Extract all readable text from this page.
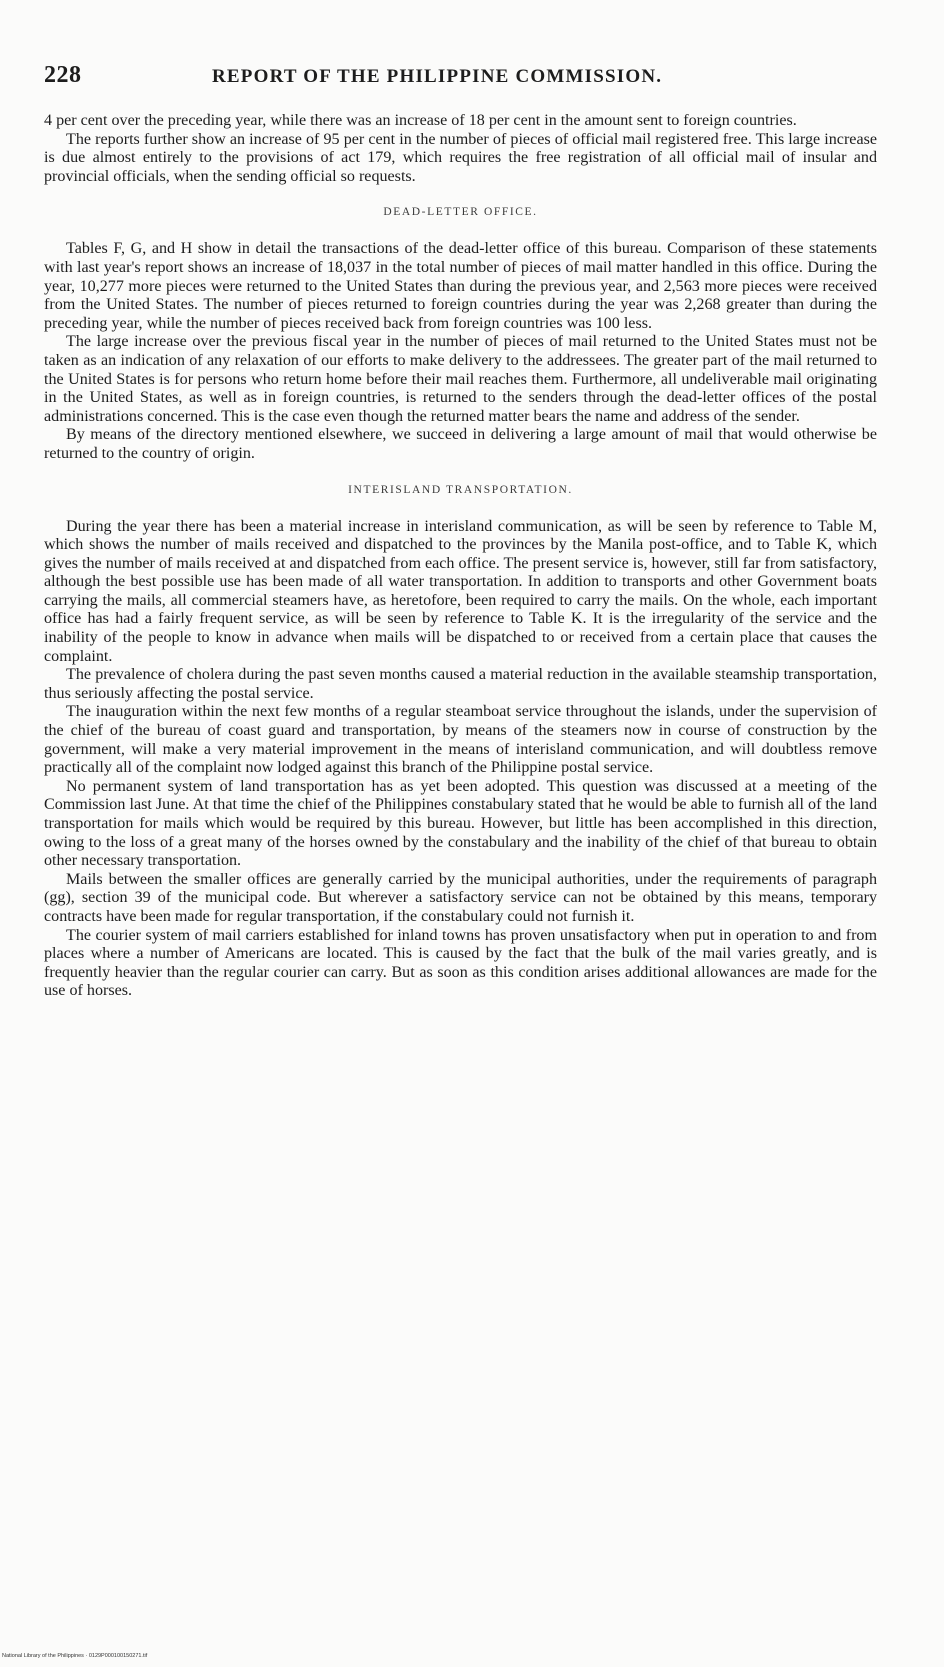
228	REPORT OF THE PHILIPPINE COMMISSION.

4 per cent over the preceding year, while there was an increase of 18 per cent in the amount sent to foreign countries.

The reports further show an increase of 95 per cent in the number of pieces of official mail registered free. This large increase is due almost entirely to the provisions of act 179, which requires the free registration of all official mail of insular and provincial officials, when the sending official so requests.

DEAD-LETTER OFFICE.

Tables F, G, and H show in detail the transactions of the dead-letter office of this bureau. Comparison of these statements with last year's report shows an increase of 18,037 in the total number of pieces of mail matter handled in this office. During the year, 10,277 more pieces were returned to the United States than during the previous year, and 2,563 more pieces were received from the United States. The number of pieces returned to foreign countries during the year was 2,268 greater than during the preceding year, while the number of pieces received back from foreign countries was 100 less.

The large increase over the previous fiscal year in the number of pieces of mail returned to the United States must not be taken as an indication of any relaxation of our efforts to make delivery to the addressees. The greater part of the mail returned to the United States is for persons who return home before their mail reaches them. Furthermore, all undeliverable mail originating in the United States, as well as in foreign countries, is returned to the senders through the dead-letter offices of the postal administrations concerned. This is the case even though the returned matter bears the name and address of the sender.

By means of the directory mentioned elsewhere, we succeed in delivering a large amount of mail that would otherwise be returned to the country of origin.

INTERISLAND TRANSPORTATION.

During the year there has been a material increase in interisland communication, as will be seen by reference to Table M, which shows the number of mails received and dispatched to the provinces by the Manila post-office, and to Table K, which gives the number of mails received at and dispatched from each office. The present service is, however, still far from satisfactory, although the best possible use has been made of all water transportation. In addition to transports and other Government boats carrying the mails, all commercial steamers have, as heretofore, been required to carry the mails. On the whole, each important office has had a fairly frequent service, as will be seen by reference to Table K. It is the irregularity of the service and the inability of the people to know in advance when mails will be dispatched to or received from a certain place that causes the complaint.

The prevalence of cholera during the past seven months caused a material reduction in the available steamship transportation, thus seriously affecting the postal service.

The inauguration within the next few months of a regular steamboat service throughout the islands, under the supervision of the chief of the bureau of coast guard and transportation, by means of the steamers now in course of construction by the government, will make a very material improvement in the means of interisland communication, and will doubtless remove practically all of the complaint now lodged against this branch of the Philippine postal service.

No permanent system of land transportation has as yet been adopted. This question was discussed at a meeting of the Commission last June. At that time the chief of the Philippines constabulary stated that he would be able to furnish all of the land transportation for mails which would be required by this bureau. However, but little has been accomplished in this direction, owing to the loss of a great many of the horses owned by the constabulary and the inability of the chief of that bureau to obtain other necessary transportation.

Mails between the smaller offices are generally carried by the municipal authorities, under the requirements of paragraph (gg), section 39 of the municipal code. But wherever a satisfactory service can not be obtained by this means, temporary contracts have been made for regular transportation, if the constabulary could not furnish it.

The courier system of mail carriers established for inland towns has proven unsatisfactory when put in operation to and from places where a number of Americans are located. This is caused by the fact that the bulk of the mail varies greatly, and is frequently heavier than the regular courier can carry. But as soon as this condition arises additional allowances are made for the use of horses.

National Library of the Philippines · 0129P000100150271.tif
